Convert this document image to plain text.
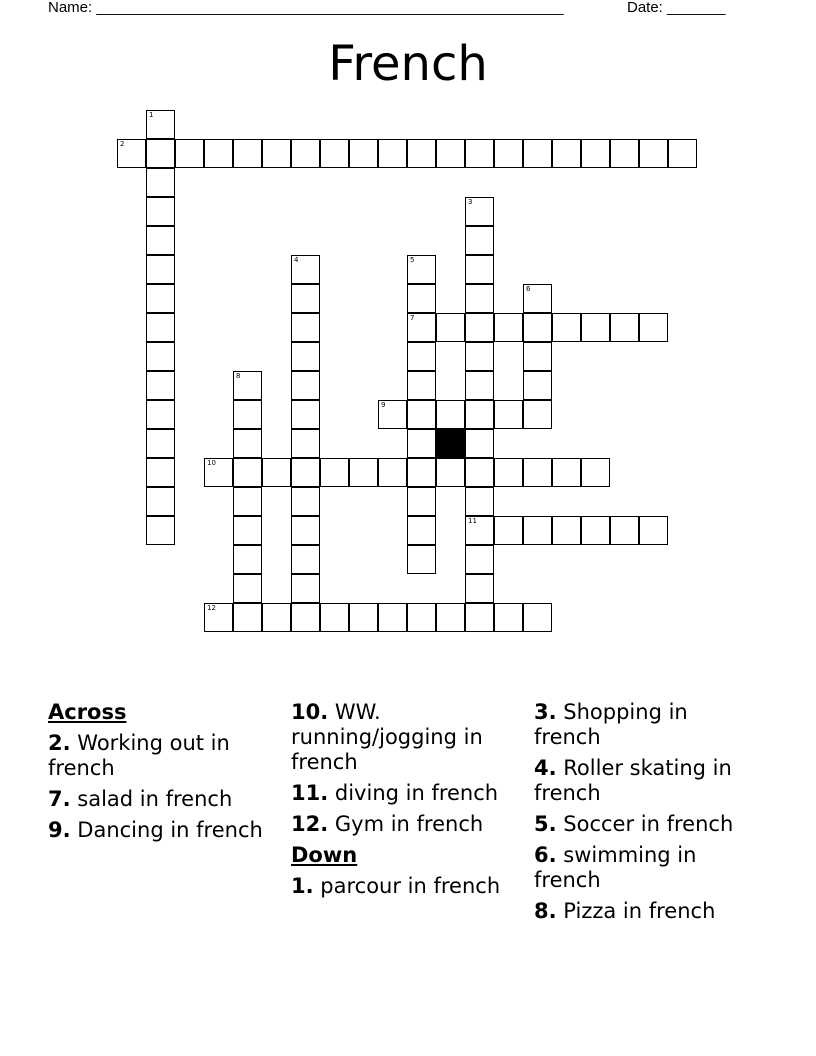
Name: ________________________________________________________	Date: _______
French
1
2
3
11
4	5
7
6
8
9
10
12
Across
2. Working out in french
7. salad in french
9. Dancing in french
10. WW. running/jogging in french
11. diving in french
12. Gym in french
Down
1. parcour in french
3. Shopping in french
4. Roller skating in french
5. Soccer in french
6. swimming in french
8. Pizza in french
